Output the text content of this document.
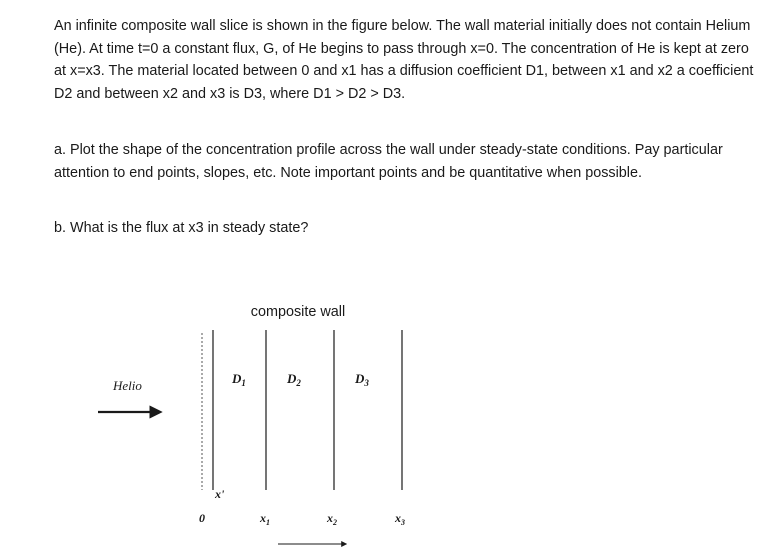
An infinite composite wall slice is shown in the figure below. The wall material initially does not contain Helium (He). At time t=0 a constant flux, G, of He begins to pass through x=0. The concentration of He is kept at zero at x=x3. The material located between 0 and x1 has a diffusion coefficient D1, between x1 and x2 a coefficient D2 and between x2 and x3 is D3, where D1 > D2 > D3.

a. Plot the shape of the concentration profile across the wall under steady-state conditions. Pay particular attention to end points, slopes, etc. Note important points and be quantitative when possible.

b. What is the flux at x3 in steady state?

composite wall
Helio	$D_1$	$D_2$	$D_3$
x'
0	$x_1$	$x_2$	$x_3$
